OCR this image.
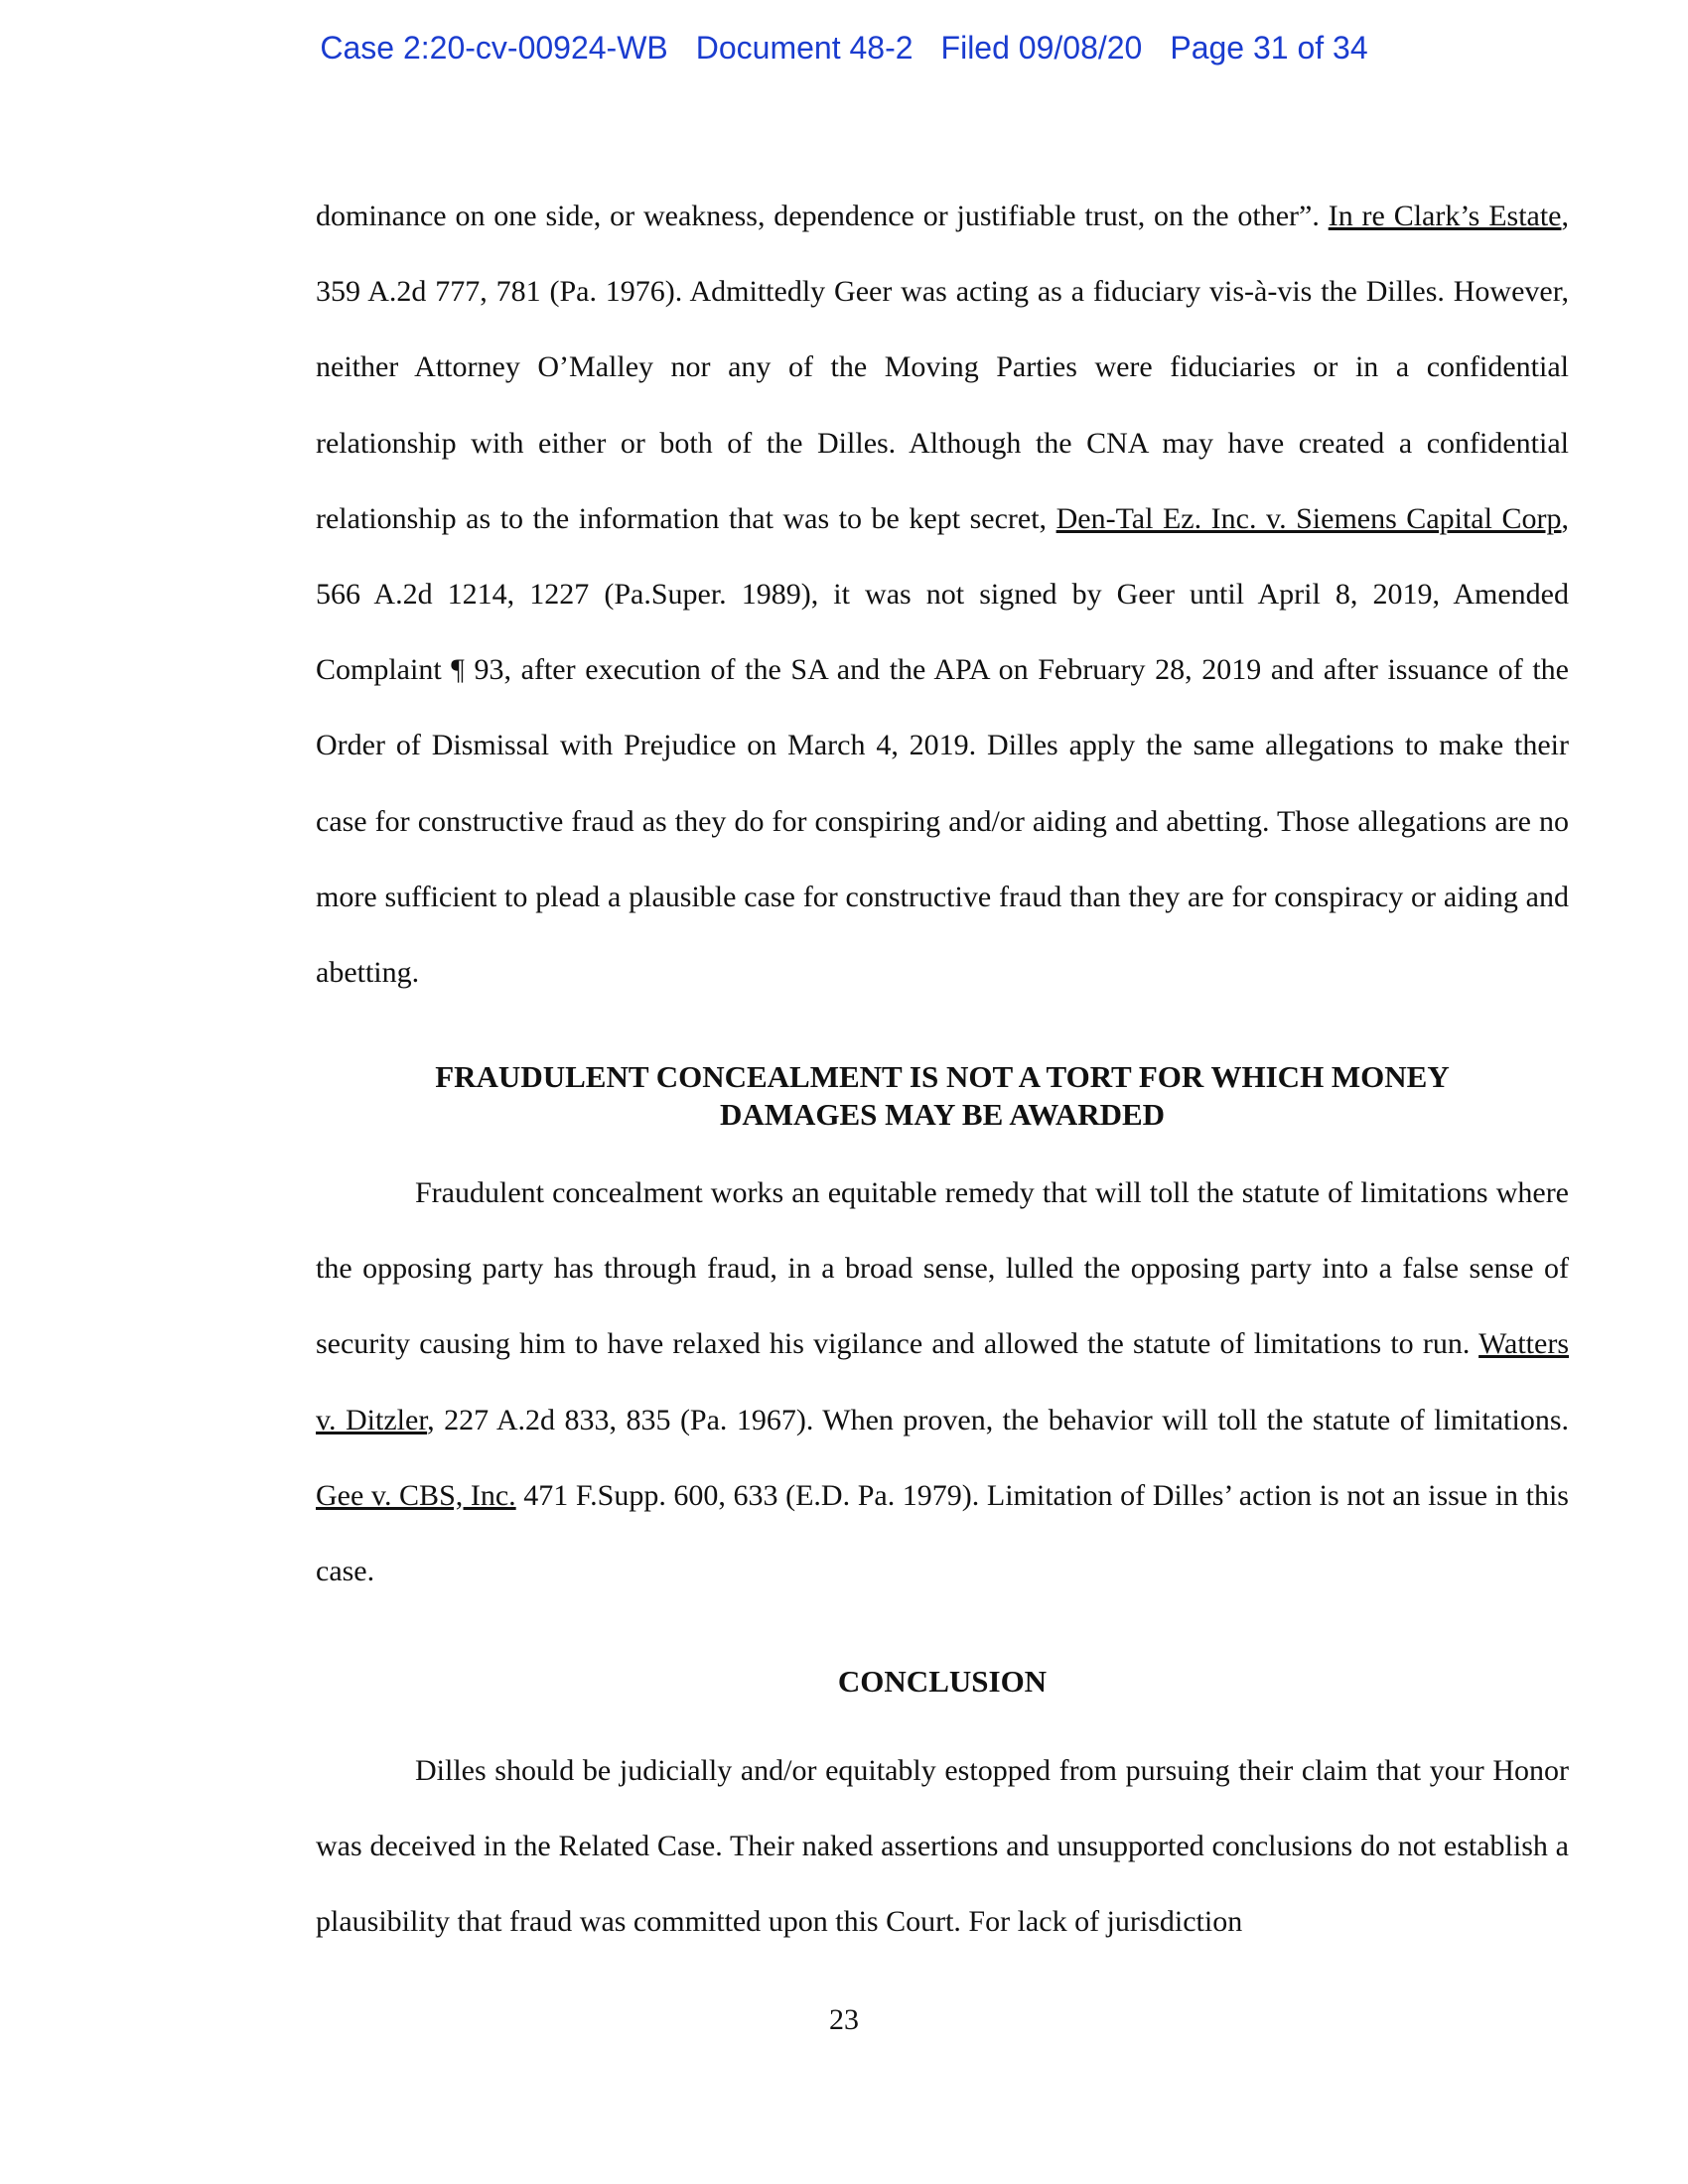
Case 2:20-cv-00924-WB Document 48-2 Filed 09/08/20 Page 31 of 34

dominance on one side, or weakness, dependence or justifiable trust, on the other”. In re Clark’s Estate, 359 A.2d 777, 781 (Pa. 1976). Admittedly Geer was acting as a fiduciary vis-à-vis the Dilles. However, neither Attorney O’Malley nor any of the Moving Parties were fiduciaries or in a confidential relationship with either or both of the Dilles. Although the CNA may have created a confidential relationship as to the information that was to be kept secret, Den-Tal Ez. Inc. v. Siemens Capital Corp, 566 A.2d 1214, 1227 (Pa.Super. 1989), it was not signed by Geer until April 8, 2019, Amended Complaint ¶ 93, after execution of the SA and the APA on February 28, 2019 and after issuance of the Order of Dismissal with Prejudice on March 4, 2019. Dilles apply the same allegations to make their case for constructive fraud as they do for conspiring and/or aiding and abetting. Those allegations are no more sufficient to plead a plausible case for constructive fraud than they are for conspiracy or aiding and abetting.

FRAUDULENT CONCEALMENT IS NOT A TORT FOR WHICH MONEY
DAMAGES MAY BE AWARDED

Fraudulent concealment works an equitable remedy that will toll the statute of limitations where the opposing party has through fraud, in a broad sense, lulled the opposing party into a false sense of security causing him to have relaxed his vigilance and allowed the statute of limitations to run. Watters v. Ditzler, 227 A.2d 833, 835 (Pa. 1967). When proven, the behavior will toll the statute of limitations. Gee v. CBS, Inc. 471 F.Supp. 600, 633 (E.D. Pa. 1979). Limitation of Dilles’ action is not an issue in this case.

CONCLUSION

Dilles should be judicially and/or equitably estopped from pursuing their claim that your Honor was deceived in the Related Case. Their naked assertions and unsupported conclusions do not establish a plausibility that fraud was committed upon this Court. For lack of jurisdiction

23
